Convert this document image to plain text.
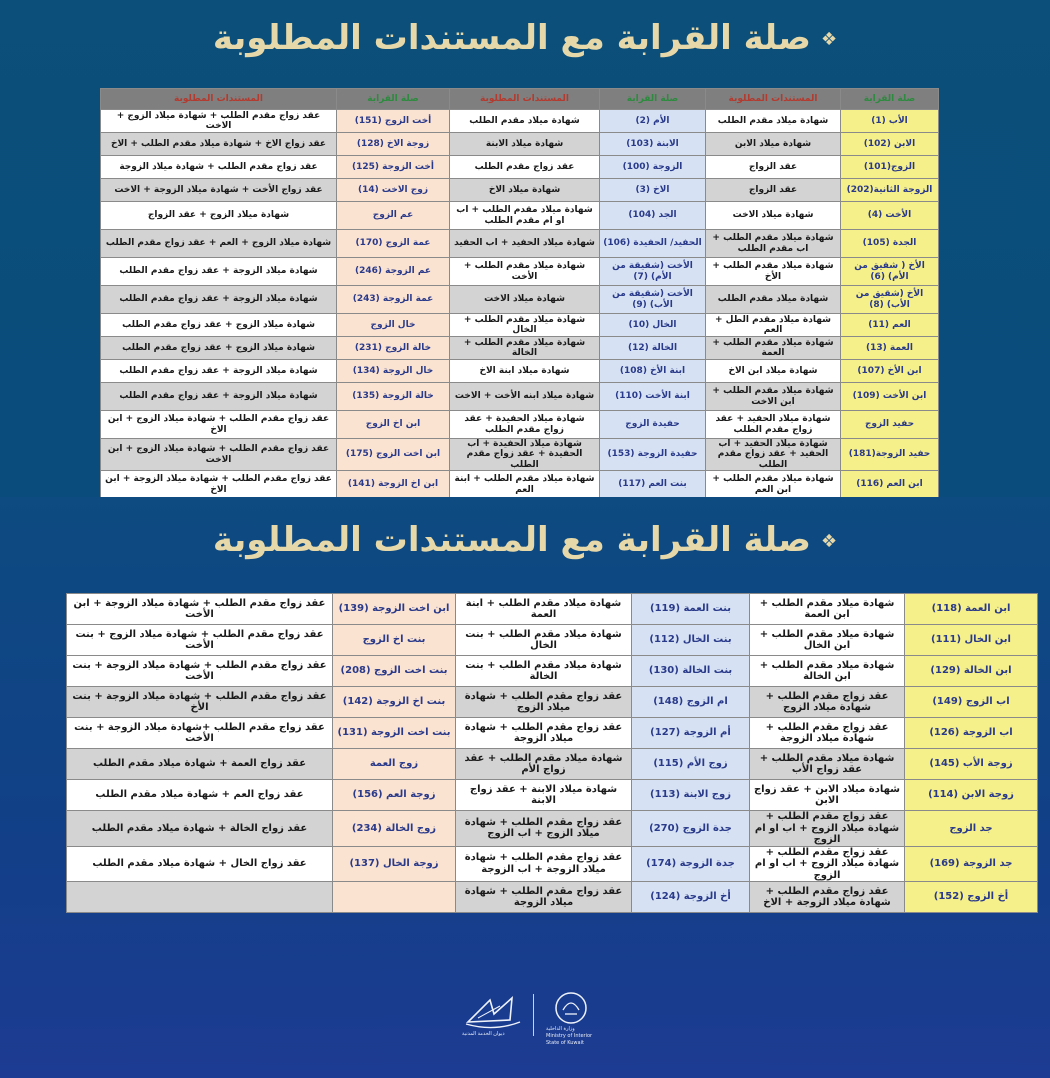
❖صلة القرابة مع المستندات المطلوبة
صلة القرابة	المستندات المطلوبة	صلة القرابة	المستندات المطلوبة	صلة القرابة	المستندات المطلوبة
الأب (1)	شهادة ميلاد مقدم الطلب	الأم (2)	شهادة ميلاد مقدم الطلب	أخت الزوج (151)	عقد زواج مقدم الطلب + شهادة ميلاد الزوج + الاخت
الابن (102)	شهادة ميلاد الابن	الابنة (103)	شهادة ميلاد الابنة	زوجة الاخ (128)	عقد زواج الاخ + شهادة ميلاد مقدم الطلب + الاخ
الزوج(101)	عقد الزواج	الزوجة (100)	عقد زواج مقدم الطلب	أخت الزوجة (125)	عقد زواج مقدم الطلب + شهادة ميلاد الزوجة
الزوجة الثانية(202)	عقد الزواج	الاخ (3)	شهادة ميلاد الاخ	زوج الاخت (14)	عقد زواج الأخت + شهادة ميلاد الزوجة + الاخت
الأخت (4)	شهادة ميلاد الاخت	الجد (104)	شهادة ميلاد مقدم الطلب + اب او ام مقدم الطلب	عم الزوج	شهادة ميلاد الزوج + عقد الزواج
الجدة (105)	شهادة ميلاد مقدم الطلب + اب مقدم الطلب	الحفيد/ الحفيدة (106)	شهادة ميلاد الحفيد + اب الحفيد	عمة الزوج (170)	شهادة ميلاد الزوج + العم + عقد زواج مقدم الطلب
الأخ ( شقيق من الأم) (6)	شهادة ميلاد مقدم الطلب + الأخ	الأخت (شقيقة من الأم) (7)	شهادة ميلاد مقدم الطلب + الأخت	عم الزوجة (246)	شهادة ميلاد الزوجة + عقد زواج مقدم الطلب
الأخ (شقيق من الأب) (8)	شهادة ميلاد مقدم الطلب	الأخت (شقيقة من الأب) (9)	شهادة ميلاد الاخت	عمة الزوجة (243)	شهادة ميلاد الزوجة + عقد زواج مقدم الطلب
العم (11)	شهادة ميلاد مقدم الطل + العم	الخال (10)	شهادة ميلاد مقدم الطلب + الخال	خال الزوج	شهادة ميلاد الزوج + عقد زواج مقدم الطلب
العمة (13)	شهادة ميلاد مقدم الطلب + العمة	الخالة (12)	شهادة ميلاد مقدم الطلب + الخالة	خالة الزوج (231)	شهادة ميلاد الزوج + عقد زواج مقدم الطلب
ابن الأخ (107)	شهادة ميلاد ابن الاخ	ابنة الأخ (108)	شهادة ميلاد ابنة الاخ	خال الزوجة (134)	شهادة ميلاد الزوجة + عقد زواج مقدم الطلب
ابن الأخت (109)	شهادة ميلاد مقدم الطلب + ابن الاخت	ابنة الأخت (110)	شهادة ميلاد ابنه الأخت + الاخت	خالة الزوجة (135)	شهادة ميلاد الزوجة + عقد زواج مقدم الطلب
حفيد الزوج	شهادة ميلاد الحفيد + عقد زواج مقدم الطلب	حفيدة الزوج	شهادة ميلاد الحفيدة + عقد زواج مقدم الطلب	ابن اخ الزوج	عقد زواج مقدم الطلب + شهادة ميلاد الزوج + ابن الاخ
حفيد الزوجة(181)	شهادة ميلاد الحفيد + اب الحفيد + عقد زواج مقدم الطلب	حفيدة الزوجة (153)	شهادة ميلاد الحفيدة + اب الحفيدة + عقد زواج مقدم الطلب	ابن اخت الزوج (175)	عقد زواج مقدم الطلب + شهادة ميلاد الزوج + ابن الاخت
ابن العم (116)	شهادة ميلاد مقدم الطلب + ابن العم	بنت العم (117)	شهادة ميلاد مقدم الطلب + ابنة العم	ابن اخ الزوجة (141)	عقد زواج مقدم الطلب + شهادة ميلاد الزوجة + ابن الاخ
❖صلة القرابة مع المستندات المطلوبة
ابن العمة (118)	شهادة ميلاد مقدم الطلب + ابن العمة	بنت العمة (119)	شهادة ميلاد مقدم الطلب + ابنة العمة	ابن اخت الزوجة (139)	عقد زواج مقدم الطلب + شهادة ميلاد الزوجة + ابن الأخت
ابن الخال (111)	شهادة ميلاد مقدم الطلب + ابن الخال	بنت الخال (112)	شهادة ميلاد مقدم الطلب + بنت الخال	بنت اخ الزوج	عقد زواج مقدم الطلب + شهادة ميلاد الزوج + بنت الأخت
ابن الخالة (129)	شهادة ميلاد مقدم الطلب + ابن الخالة	بنت الخالة (130)	شهادة ميلاد مقدم الطلب + بنت الخالة	بنت اخت الزوج (208)	عقد زواج مقدم الطلب + شهادة ميلاد الزوجة + بنت الأخت
اب الزوج (149)	عقد زواج مقدم الطلب + شهادة ميلاد الزوج	ام الزوج (148)	عقد زواج مقدم الطلب + شهادة ميلاد الزوج	بنت اخ الزوجة (142)	عقد زواج مقدم الطلب + شهادة ميلاد الزوجة + بنت الأخ
اب الزوجة (126)	عقد زواج مقدم الطلب + شهادة ميلاد الزوجة	أم الزوجة (127)	عقد زواج مقدم الطلب + شهادة ميلاد الزوجة	بنت اخت الزوجة (131)	عقد زواج مقدم الطلب +شهادة ميلاد الزوجة + بنت الأخت
زوجة الأب (145)	شهادة ميلاد مقدم الطلب + عقد زواج الأب	زوج الأم (115)	شهادة ميلاد مقدم الطلب + عقد زواج الأم	زوج العمة	عقد زواج العمة + شهادة ميلاد مقدم الطلب
زوجة الابن (114)	شهادة ميلاد الابن + عقد زواج الابن	زوج الابنة (113)	شهادة ميلاد الابنة + عقد زواج الابنة	زوجة العم (156)	عقد زواج العم + شهادة ميلاد مقدم الطلب
جد الزوج	عقد زواج مقدم الطلب + شهادة ميلاد الزوج + اب او ام الزوج	جدة الزوج (270)	عقد زواج مقدم الطلب + شهادة ميلاد الزوج + اب الزوج	زوج الخالة (234)	عقد زواج الخالة + شهادة ميلاد مقدم الطلب
جد الزوجة (169)	عقد زواج مقدم الطلب + شهادة ميلاد الزوج + اب او ام الزوج	جدة الزوجة (174)	عقد زواج مقدم الطلب + شهادة ميلاد الزوجة + اب الزوجة	زوجة الخال (137)	عقد زواج الخال + شهادة ميلاد مقدم الطلب
أخ الزوج (152)	عقد زواج مقدم الطلب + شهادة ميلاد الزوجة + الاخ	أخ الزوجة (124)	عقد زواج مقدم الطلب + شهادة ميلاد الزوجة		
ديوان الخدمة المدنية
وزارة الداخلية
Ministry of Interior
State of Kuwait
